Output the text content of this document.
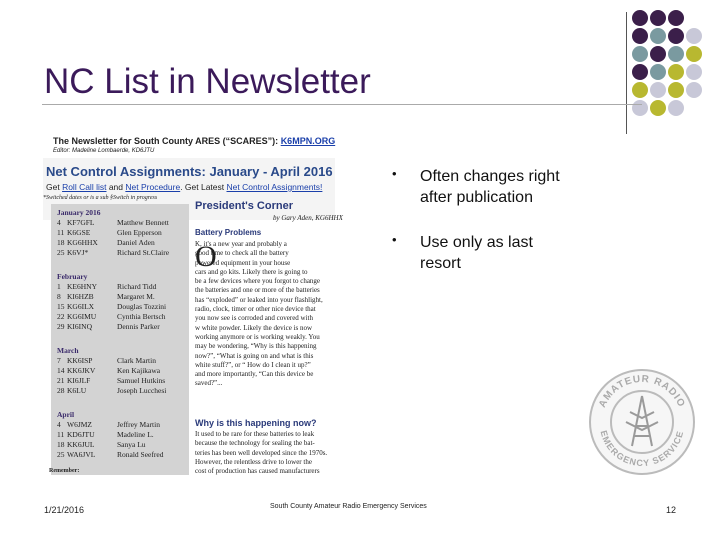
NC List in Newsletter
The Newsletter for South County ARES (“SCARES”): K6MPN.ORG
Editor: Madeline Lombaerde, KD6JTU
Net Control Assignments: January - April 2016
Get Roll Call list and Net Procedure. Get Latest Net Control Assignments!
*Switched dates or is a sub §Switch in progress
January 2016
4 KF7GFL	Matthew Bennett
11 K6GSE	Glen Epperson
18 KG6HHX	Daniel Aden
25 K6VJ*	Richard St.Claire
February
1 KE6HNY	Richard Tidd
8 KI6HZB	Margaret M.
15 KG6ILX	Douglas Tozzini
22 KG6IMU	Cynthia Bertsch
29 KI6INQ	Dennis Parker
March
7 KK6ISP	Clark Martin
14 KK6JKV	Ken Kajikawa
21 KI6JLF	Samuel Hutkins
28 K6LU	Joseph Lucchesi
April
4 W6JMZ	Jeffrey Martin
11 KD6JTU	Madeline L.
18 KK6JUL	Sanya Lu
25 WA6JVL	Ronald Seefred
Remember:
President's Corner
by Gary Aden, KG6HHX
Battery Problems
O
K, it's a new year and probably a
good time to check all the battery
powered equipment in your house
cars and go kits. Likely there is going to
be a few devices where you forgot to change
the batteries and one or more of the batteries
has “exploded” or leaked into your flashlight,
radio, clock, timer or other nice device that
you now see is corroded and covered with
w white powder. Likely the device is now
working anymore or is working weakly. You
may be wondering, “Why is this happening
now?”, “What is going on and what is this
white stuff?”, or “ How do I clean it up?”
and more importantly, “Can this device be
saved?”...
Why is this happening now?
It used to be rare for these batteries to leak
because the technology for sealing the bat-
teries has been well developed since the 1970s.
However, the relentless drive to lower the
cost of production has caused manufacturers
• Often changes right
after publication
• Use only as last
resort
AMATEUR RADIO
EMERGENCY SERVICE
1/21/2016	South County Amateur Radio Emergency Services	12
